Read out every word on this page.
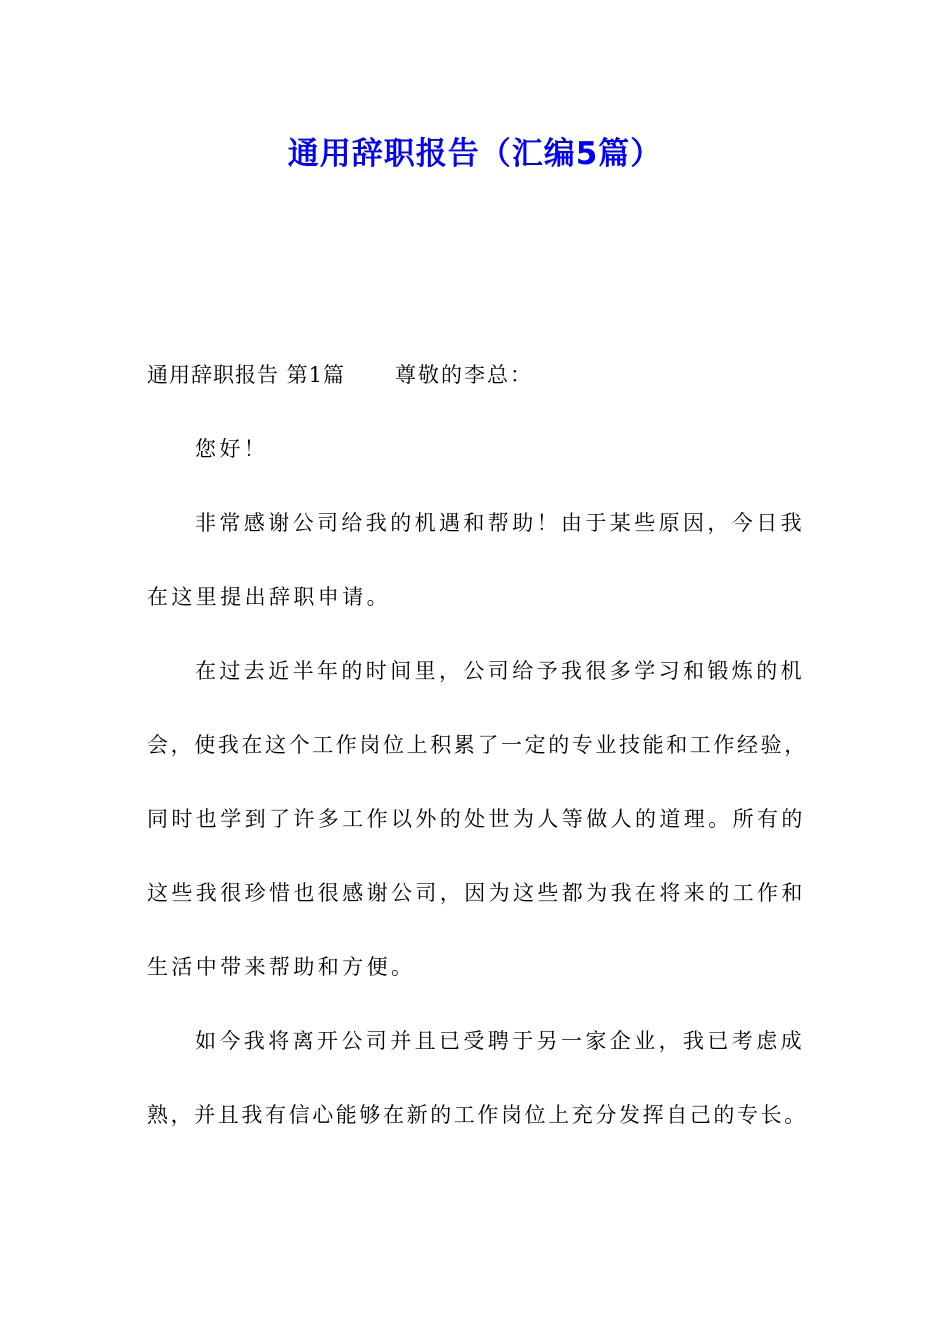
通用辞职报告（汇编5篇）

通用辞职报告 第1篇 尊敬的李总：

您好！

非常感谢公司给我的机遇和帮助！由于某些原因，今日我

在这里提出辞职申请。

在过去近半年的时间里，公司给予我很多学习和锻炼的机

会，使我在这个工作岗位上积累了一定的专业技能和工作经验，

同时也学到了许多工作以外的处世为人等做人的道理。所有的

这些我很珍惜也很感谢公司，因为这些都为我在将来的工作和

生活中带来帮助和方便。

如今我将离开公司并且已受聘于另一家企业，我已考虑成

熟，并且我有信心能够在新的工作岗位上充分发挥自己的专长。
